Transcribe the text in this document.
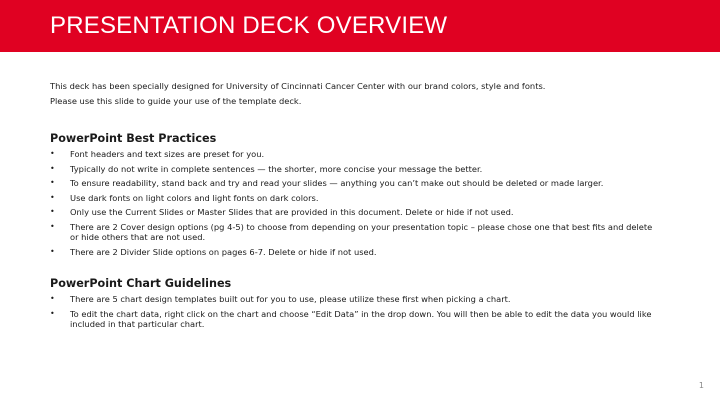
PRESENTATION DECK OVERVIEW

This deck has been specially designed for University of Cincinnati Cancer Center with our brand colors, style and fonts.

Please use this slide to guide your use of the template deck.

PowerPoint Best Practices
• Font headers and text sizes are preset for you.
• Typically do not write in complete sentences — the shorter, more concise your message the better.
• To ensure readability, stand back and try and read your slides — anything you can’t make out should be deleted or made larger.
• Use dark fonts on light colors and light fonts on dark colors.
• Only use the Current Slides or Master Slides that are provided in this document. Delete or hide if not used.
• There are 2 Cover design options (pg 4-5) to choose from depending on your presentation topic – please chose one that best fits and delete or hide others that are not used.
• There are 2 Divider Slide options on pages 6-7. Delete or hide if not used.
PowerPoint Chart Guidelines
• There are 5 chart design templates built out for you to use, please utilize these first when picking a chart.
• To edit the chart data, right click on the chart and choose “Edit Data” in the drop down. You will then be able to edit the data you would like included in that particular chart.
1
